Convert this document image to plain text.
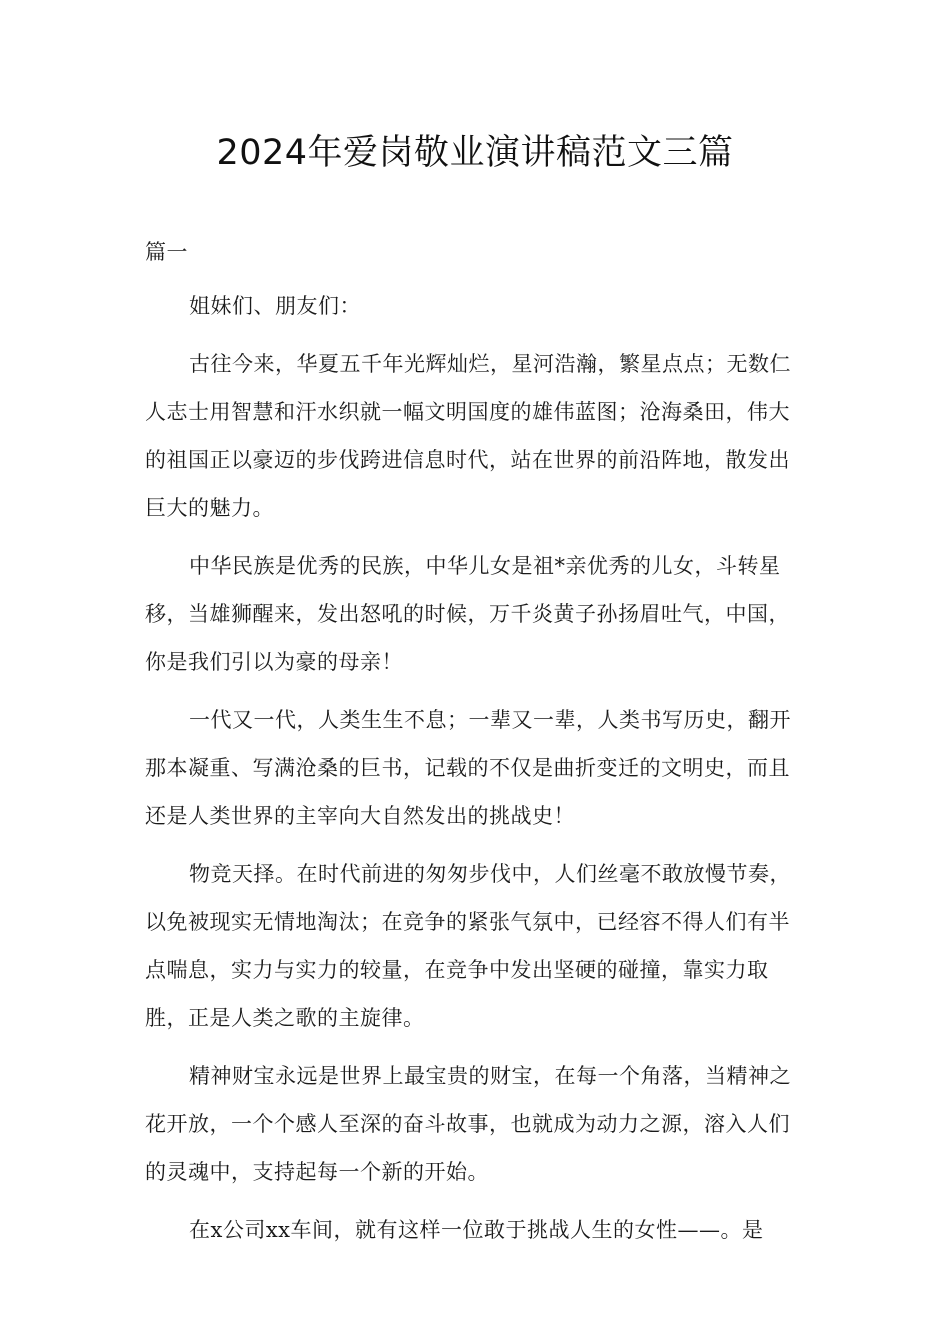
2024年爱岗敬业演讲稿范文三篇

篇一

姐妹们、朋友们：

古往今来，华夏五千年光辉灿烂，星河浩瀚，繁星点点；无数仁人志士用智慧和汗水织就一幅文明国度的雄伟蓝图；沧海桑田，伟大的祖国正以豪迈的步伐跨进信息时代，站在世界的前沿阵地，散发出巨大的魅力。

中华民族是优秀的民族，中华儿女是祖*亲优秀的儿女，斗转星移，当雄狮醒来，发出怒吼的时候，万千炎黄子孙扬眉吐气，中国，你是我们引以为豪的母亲！

一代又一代，人类生生不息；一辈又一辈，人类书写历史，翻开那本凝重、写满沧桑的巨书，记载的不仅是曲折变迁的文明史，而且还是人类世界的主宰向大自然发出的挑战史！

物竞天择。在时代前进的匆匆步伐中，人们丝毫不敢放慢节奏，以免被现实无情地淘汰；在竞争的紧张气氛中，已经容不得人们有半点喘息，实力与实力的较量，在竞争中发出坚硬的碰撞，靠实力取胜，正是人类之歌的主旋律。

精神财宝永远是世界上最宝贵的财宝，在每一个角落，当精神之花开放，一个个感人至深的奋斗故事，也就成为动力之源，溶入人们的灵魂中，支持起每一个新的开始。

在x公司xx车间，就有这样一位敢于挑战人生的女性——。是
